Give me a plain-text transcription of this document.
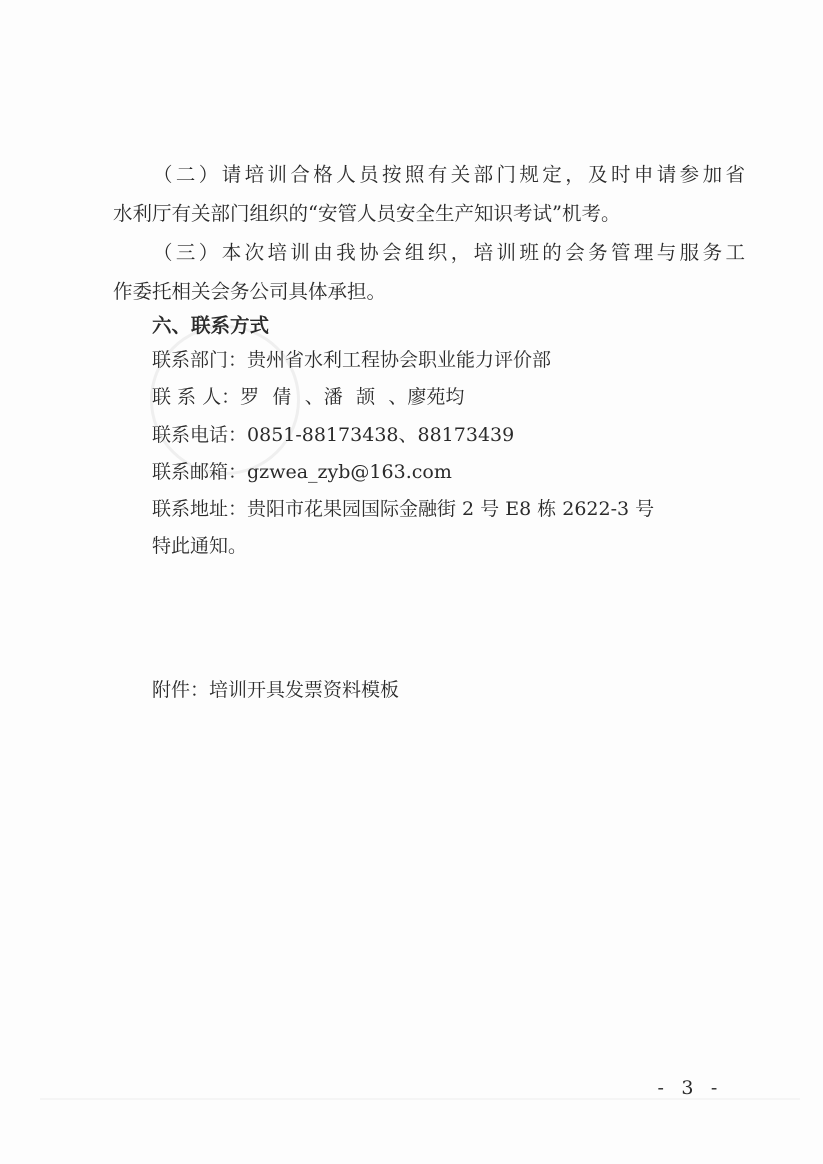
（二）请培训合格人员按照有关部门规定，及时申请参加省
水利厅有关部门组织的“安管人员安全生产知识考试”机考。
（三）本次培训由我协会组织，培训班的会务管理与服务工
作委托相关会务公司具体承担。
六、联系方式
联系部门：贵州省水利工程协会职业能力评价部
联 系 人：罗倩、潘颉、廖苑均
联系电话：0851-88173438、88173439
联系邮箱：gzwea_zyb@163.com
联系地址：贵阳市花果园国际金融街 2 号 E8 栋 2622-3 号
特此通知。
附件：培训开具发票资料模板
- 3 -
